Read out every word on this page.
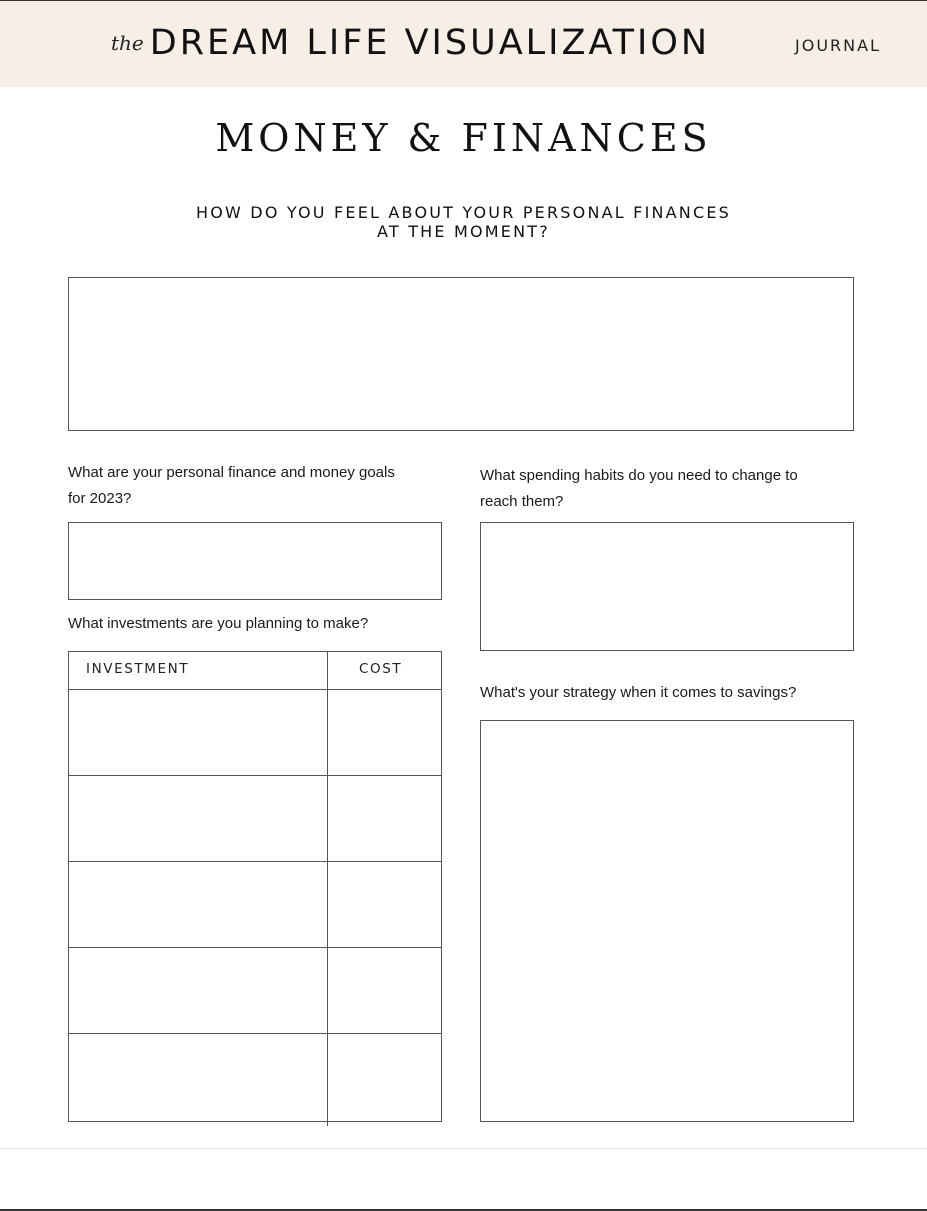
the DREAM LIFE VISUALIZATION	JOURNAL
MONEY & FINANCES
HOW DO YOU FEEL ABOUT YOUR PERSONAL FINANCES
AT THE MOMENT?
What are your personal finance and money goals
for 2023?
What spending habits do you need to change to
reach them?
What investments are you planning to make?
INVESTMENT	COST
What's your strategy when it comes to savings?
